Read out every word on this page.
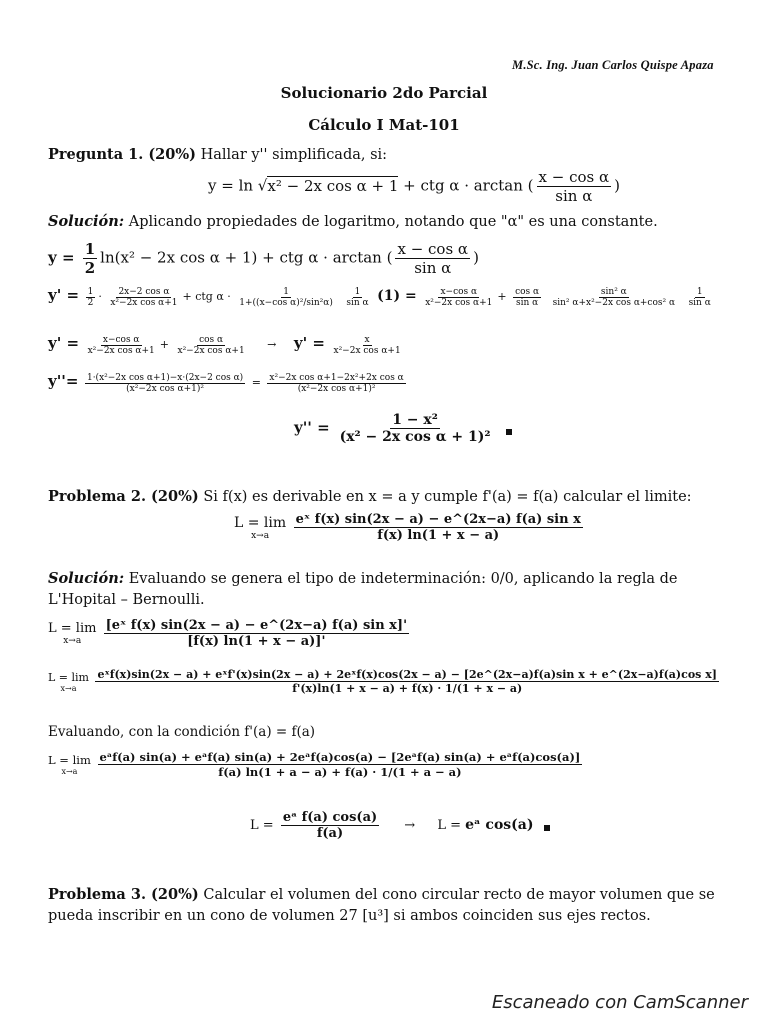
M.Sc. Ing. Juan Carlos Quispe Apaza
Solucionario 2do Parcial
Cálculo I Mat-101
Pregunta 1. (20%) Hallar y'' simplificada, si:
y = ln √x² − 2x cos α + 1 + ctg α · arctan ( $\frac{\text{x − cos α}}{\text{sin α}}$ )
Solución: Aplicando propiedades de logaritmo, notando que "α" es una constante.
$y = \frac{1}{2} \ln(x^2 - 2x$ cos α + 1) + ctg α · arctan ( $\frac{\text{x − cos α}}{\text{sin α}}$ )
$y' = \frac{1}{2} \cdot \frac{\text{2x−2 cos α}}{\text{x²−2x cos α+1}}$ + ctg $\alpha \cdot \frac{1}{\text{1+((x−cos α)²/sin²α)}}$
$\frac{1}{\text{sin α}} (1) = \frac{\text{x−cos α}}{\text{x²−2x cos α+1}} + \frac{\text{cos α}}{\text{sin α}}$
$\frac{\text{sin² α}}{\text{sin² α+x²−2x cos α+cos² α}}$
$\frac{1}{\text{sin α}}$
$y' = \frac{\text{x−cos α}}{\text{x²−2x cos α+1}} + \frac{\text{cos α}}{\text{x²−2x cos α+1}} \to y' = \frac{x}{\text{x²−2x cos α+1}}$
$y''= \frac{\text{1·(x²−2x cos α+1)−x·(2x−2 cos α)}}{\text{(x²−2x cos α+1)²}} = \frac{\text{x²−2x cos α+1−2x²+2x cos α}}{\text{(x²−2x cos α+1)²}}$
$y'' = \frac{\text{1 − x²}}{\text{(x² − 2x cos α + 1)²}}$

Problema 2. (20%) Si f(x) es derivable en x = a y cumple f'(a) = f(a) calcular el limite:
L = lim
x→a
$\frac{\text{eˣ f(x) sin(2x − a) − e\textasciicircum{}(2x−a) f(a) sin x}}{f(x) \ln(1 + x - a)}$
Solución: Evaluando se genera el tipo de indeterminación: 0/0, aplicando la regla de
L'Hopital – Bernoulli.
L = lim
x→a
$\frac{\text{[eˣ f(x) sin(2x − a) − e\textasciicircum{}(2x−a) f(a) sin x]'}}{[f(x) \ln(1 + x - a)]'}$
L = lim
x→a

eˣf(x)sin(2x − a) + eˣf'(x)sin(2x − a) + 2eˣf(x)cos(2x − a) − [2e^(2x−a)f(a)sin x + e^(2x−a)f(a)cos x]
f'(x)ln(1 + x − a) + f(x) · 1/(1 + x − a)
Evaluando, con la condición f'(a) = f(a)
L = lim
x→a

eᵃf(a) sin(a) + eᵃf(a) sin(a) + 2eᵃf(a)cos(a) − [2eᵃf(a) sin(a) + eᵃf(a)cos(a)]
f(a) ln(1 + a − a) + f(a) · 1/(1 + a − a)
$L = \frac{\text{eᵃ f(a) cos(a)}}{f(a)} \to L$ = eᵃ cos(a)
Problema 3. (20%) Calcular el volumen del cono circular recto de mayor volumen que se
pueda inscribir en un cono de volumen 27 [u³] si ambos coinciden sus ejes rectos.
Escaneado con CamScanner
